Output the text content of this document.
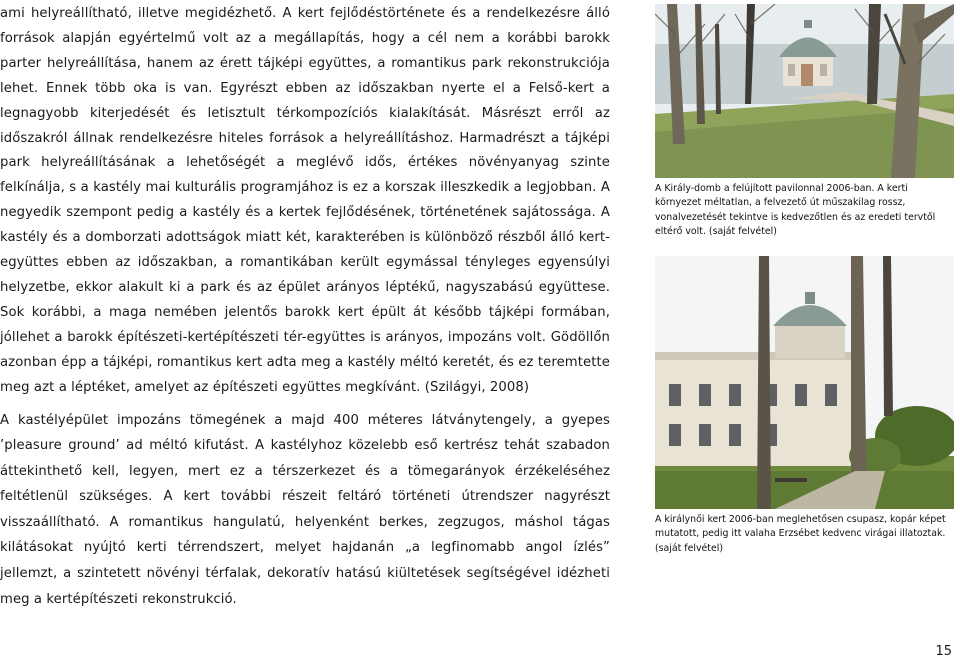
ami helyreállítható, illetve megidézhető. A kert fejlődéstörténete és a rendelkezésre álló források alapján egyértelmű volt az a megállapítás, hogy a cél nem a korábbi barokk parter helyreállítása, hanem az érett tájképi együttes, a romantikus park rekonstrukciója lehet. Ennek több oka is van. Egyrészt ebben az időszakban nyerte el a Felső-kert a legnagyobb kiterjedését és letisztult térkompozíciós kialakítását. Másrészt erről az időszakról állnak rendelkezésre hiteles források a helyreállításhoz. Harmadrészt a tájképi park helyreállításának a lehetőségét a meglévő idős, értékes növényanyag szinte felkínálja, s a kastély mai kulturális programjához is ez a korszak illeszkedik a legjobban. A negyedik szempont pedig a kastély és a kertek fejlődésének, történetének sajátossága. A kastély és a domborzati adottságok miatt két, karakterében is különböző részből álló kert-együttes ebben az időszakban, a romantikában került egymással tényleges egyensúlyi helyzetbe, ekkor alakult ki a park és az épület arányos léptékű, nagyszabású együttese. Sok korábbi, a maga nemében jelentős barokk kert épült át később tájképi formában, jóllehet a barokk építészeti-kertépítészeti tér-együttes is arányos, impozáns volt. Gödöllőn azonban épp a tájképi, romantikus kert adta meg a kastély méltó keretét, és ez teremtette meg azt a léptéket, amelyet az építészeti együttes megkívánt. (Szilágyi, 2008)

A kastélyépület impozáns tömegének a majd 400 méteres látványtengely, a gyepes ’pleasure ground’ ad méltó kifutást. A kastélyhoz közelebb eső kertrész tehát szabadon áttekinthető kell, legyen, mert ez a térszerkezet és a tömegarányok érzékeléséhez feltétlenül szükséges. A kert további részeit feltáró történeti útrendszer nagyrészt visszaállítható. A romantikus hangulatú, helyenként berkes, zegzugos, máshol tágas kilátásokat nyújtó kerti térrendszert, melyet hajdanán „a legfinomabb angol ízlés” jellemzt, a szintetett növényi térfalak, dekoratív hatású kiültetések segítségével idézheti meg a kertépítészeti rekonstrukció.

A Király-domb a felújított pavilonnal 2006-ban. A kerti környezet méltatlan, a felvezető út műszakilag rossz, vonalvezetését tekintve is kedvezőtlen és az eredeti tervtől eltérő volt. (saját felvétel)
A királynői kert 2006-ban meglehetősen csupasz, kopár képet mutatott, pedig itt valaha Erzsébet kedvenc virágai illatoztak. (saját felvétel)
15
